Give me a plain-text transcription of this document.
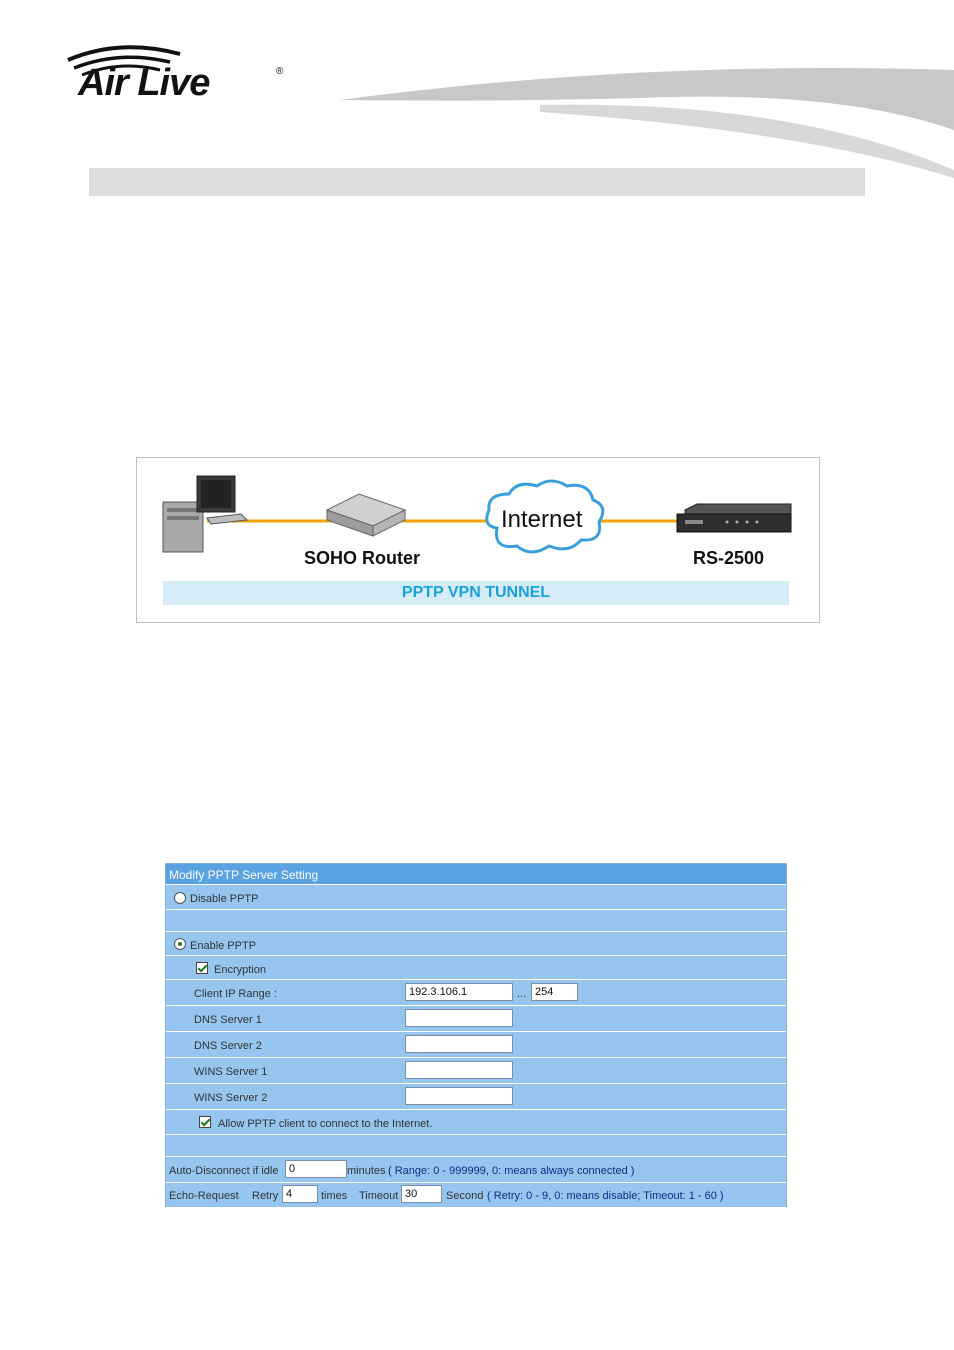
Air Live	®
Internet
SOHO Router	RS-2500
PPTP VPN TUNNEL
Modify PPTP Server Setting
Disable PPTP
Enable PPTP
Encryption
Client IP Range :	192.3.106.1	... 254
DNS Server 1
DNS Server 2
WINS Server 1
WINS Server 2
Allow PPTP client to connect to the Internet.
Auto-Disconnect if idle 0	minutes ( Range: 0 - 999999, 0: means always connected )
Echo-Request Retry 4	times Timeout 30	Second ( Retry: 0 - 9, 0: means disable; Timeout: 1 - 60 )
